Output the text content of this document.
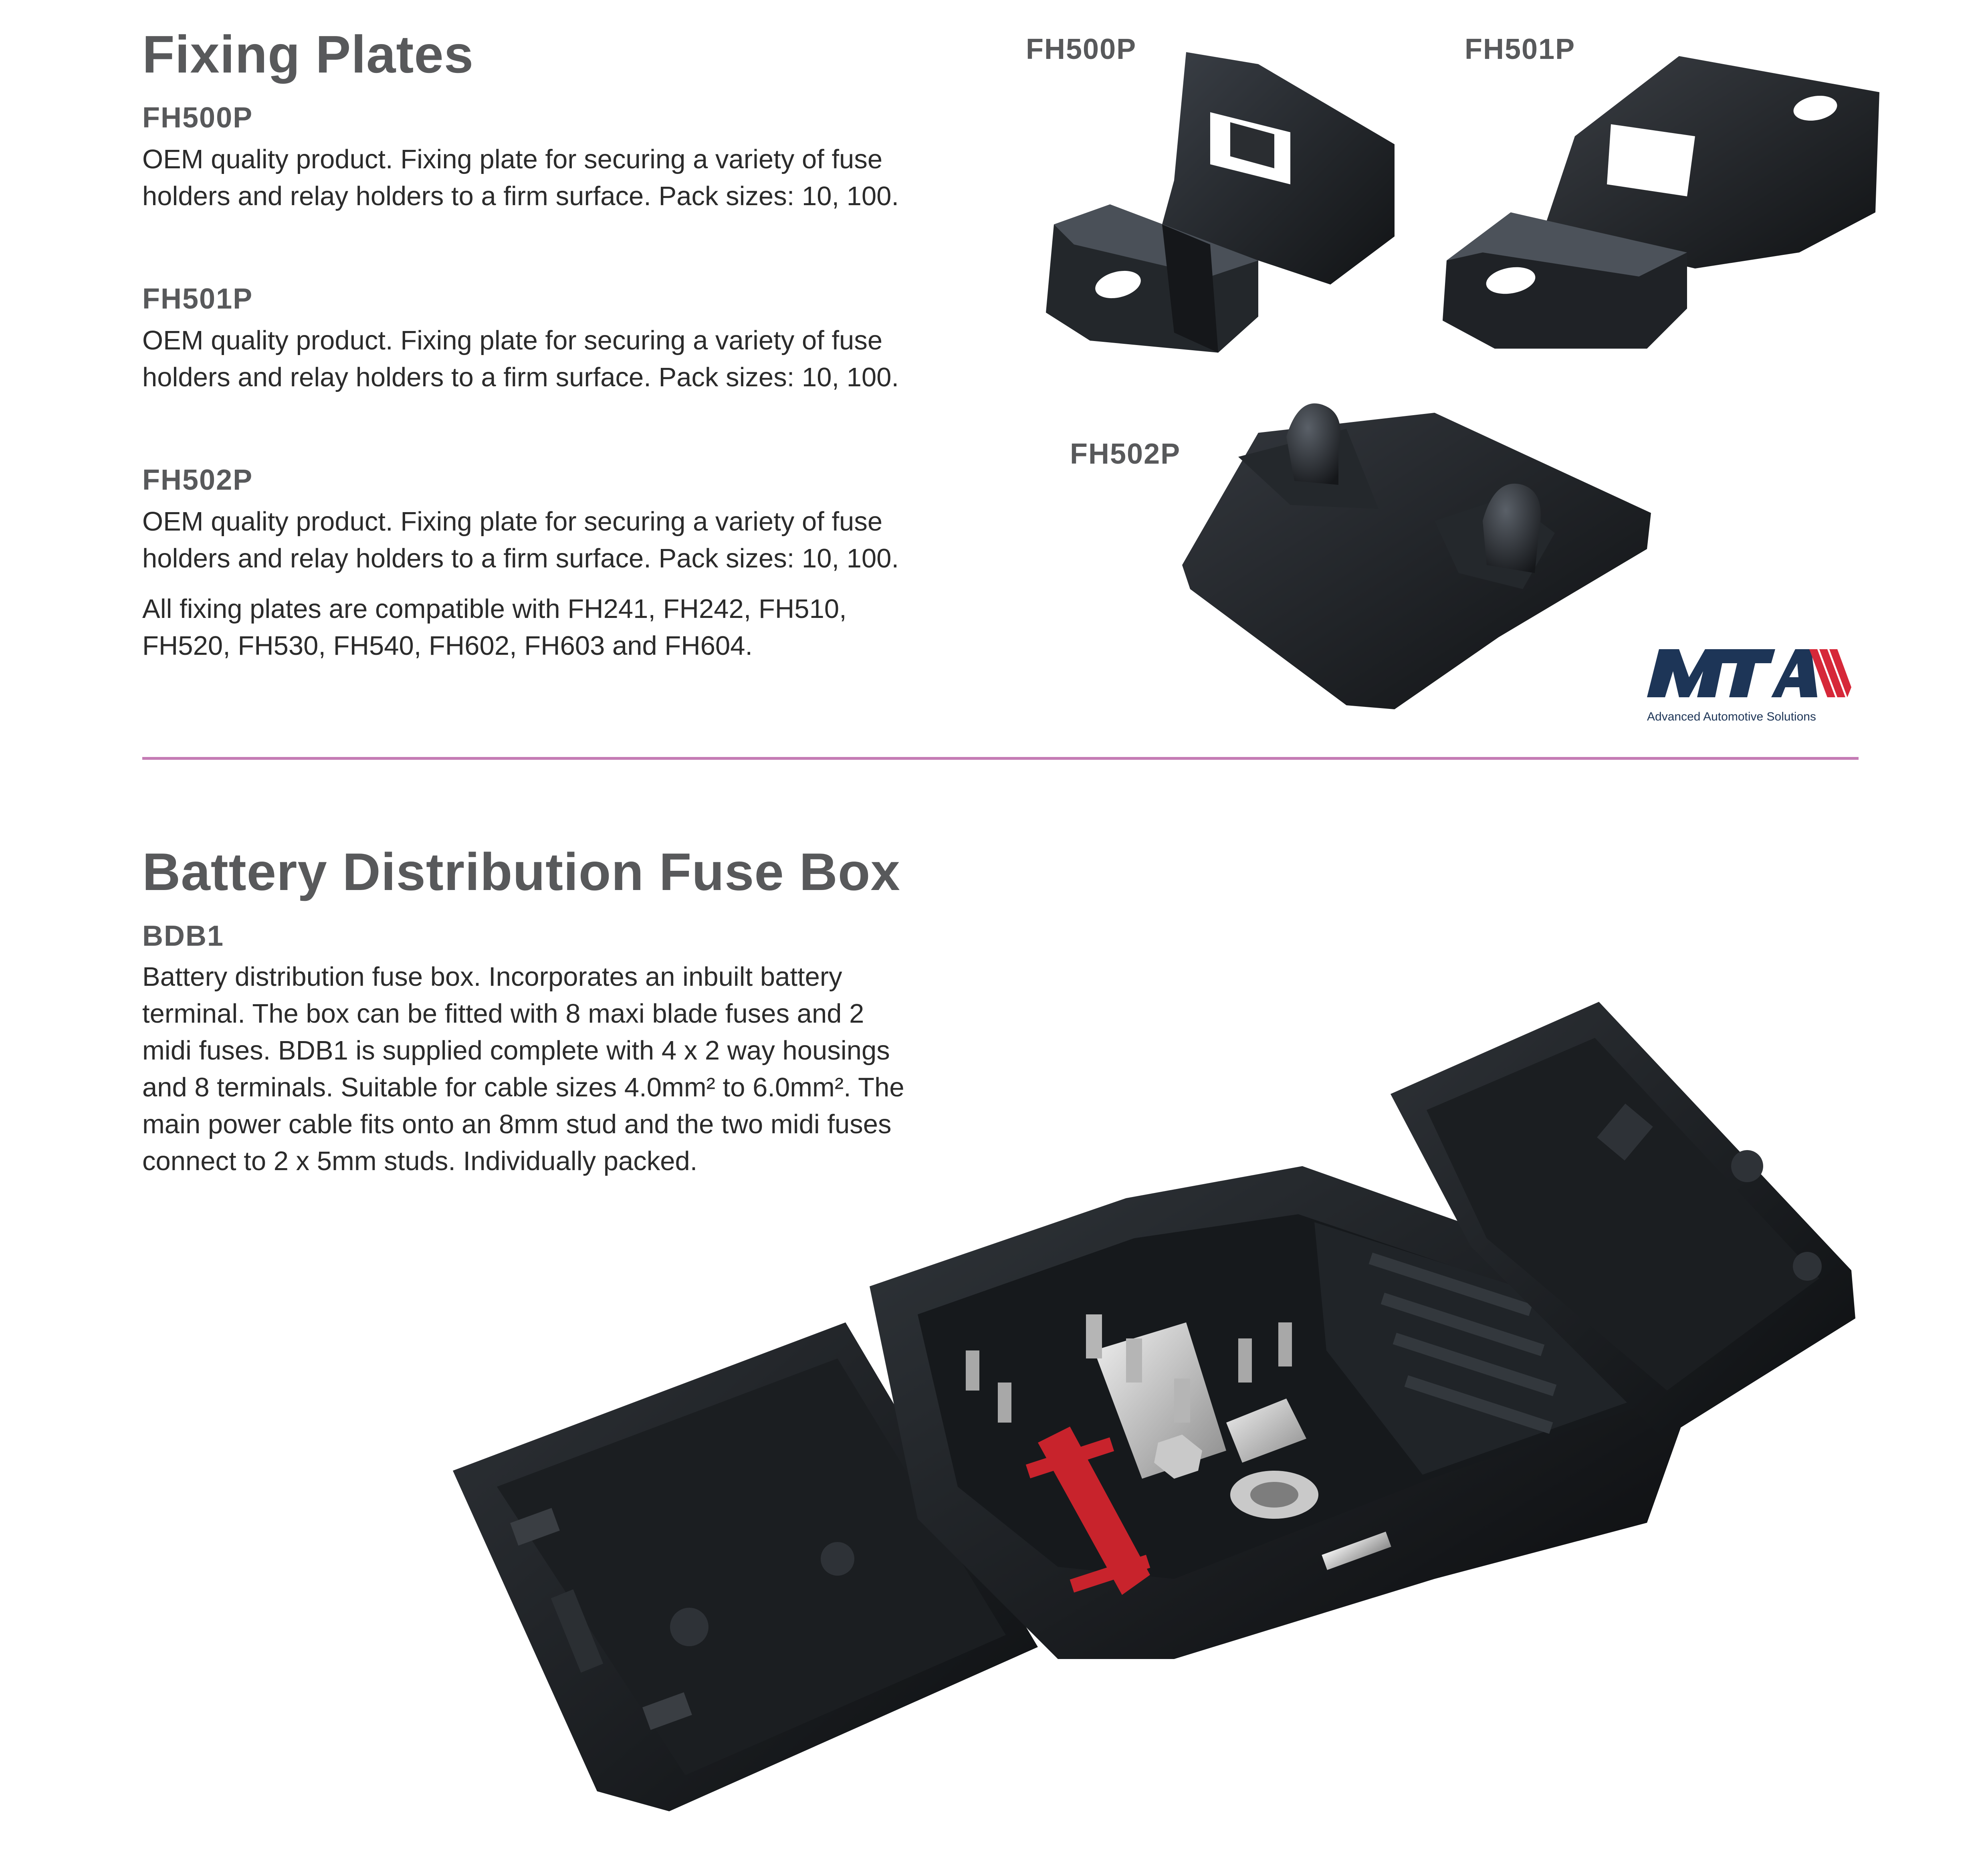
Fixing Plates
FH500P
OEM quality product. Fixing plate for securing a variety of fuse
holders and relay holders to a firm surface. Pack sizes: 10, 100.
FH501P
OEM quality product. Fixing plate for securing a variety of fuse
holders and relay holders to a firm surface. Pack sizes: 10, 100.
FH502P
OEM quality product. Fixing plate for securing a variety of fuse
holders and relay holders to a firm surface. Pack sizes: 10, 100.
All fixing plates are compatible with FH241, FH242, FH510,
FH520, FH530, FH540, FH602, FH603 and FH604.
FH500P	FH501P
FH502P
Advanced Automotive Solutions
Battery Distribution Fuse Box
BDB1
Battery distribution fuse box. Incorporates an inbuilt battery
terminal. The box can be fitted with 8 maxi blade fuses and 2
midi fuses. BDB1 is supplied complete with 4 x 2 way housings
and 8 terminals. Suitable for cable sizes 4.0mm² to 6.0mm². The
main power cable fits onto an 8mm stud and the two midi fuses
connect to 2 x 5mm studs. Individually packed.
